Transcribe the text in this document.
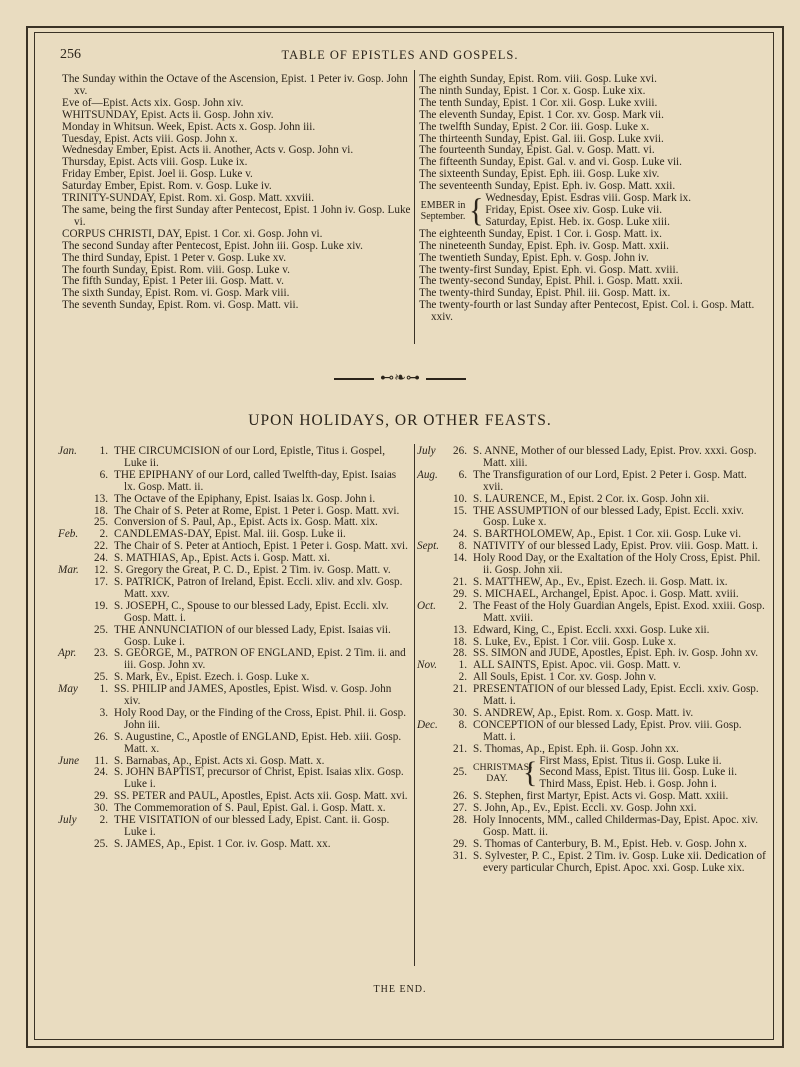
256	TABLE OF EPISTLES AND GOSPELS.

The Sunday within the Octave of the Ascension, Epist. 1 Peter iv. Gosp. John xv.

Eve of—Epist. Acts xix. Gosp. John xiv.

WHITSUNDAY, Epist. Acts ii. Gosp. John xiv.

Monday in Whitsun. Week, Epist. Acts x. Gosp. John iii.

Tuesday, Epist. Acts viii. Gosp. John x.

Wednesday Ember, Epist. Acts ii. Another, Acts v. Gosp. John vi.

Thursday, Epist. Acts viii. Gosp. Luke ix.

Friday Ember, Epist. Joel ii. Gosp. Luke v.

Saturday Ember, Epist. Rom. v. Gosp. Luke iv.

TRINITY-SUNDAY, Epist. Rom. xi. Gosp. Matt. xxviii.

The same, being the first Sunday after Pentecost, Epist. 1 John iv. Gosp. Luke vi.

CORPUS CHRISTI, DAY, Epist. 1 Cor. xi. Gosp. John vi.

The second Sunday after Pentecost, Epist. John iii. Gosp. Luke xiv.

The third Sunday, Epist. 1 Peter v. Gosp. Luke xv.

The fourth Sunday, Epist. Rom. viii. Gosp. Luke v.

The fifth Sunday, Epist. 1 Peter iii. Gosp. Matt. v.

The sixth Sunday, Epist. Rom. vi. Gosp. Mark viii.

The seventh Sunday, Epist. Rom. vi. Gosp. Matt. vii.

The eighth Sunday, Epist. Rom. viii. Gosp. Luke xvi.

The ninth Sunday, Epist. 1 Cor. x. Gosp. Luke xix.

The tenth Sunday, Epist. 1 Cor. xii. Gosp. Luke xviii.

The eleventh Sunday, Epist. 1 Cor. xv. Gosp. Mark vii.

The twelfth Sunday, Epist. 2 Cor. iii. Gosp. Luke x.

The thirteenth Sunday, Epist. Gal. iii. Gosp. Luke xvii.

The fourteenth Sunday, Epist. Gal. v. Gosp. Matt. vi.

The fifteenth Sunday, Epist. Gal. v. and vi. Gosp. Luke vii.

The sixteenth Sunday, Epist. Eph. iii. Gosp. Luke xiv.

The seventeenth Sunday, Epist. Eph. iv. Gosp. Matt. xxii.

EMBER in September. { Wednesday, Epist. Esdras viii. Gosp. Mark ix.

Friday, Epist. Osee xiv. Gosp. Luke vii.

Saturday, Epist. Heb. ix. Gosp. Luke xiii.

The eighteenth Sunday, Epist. 1 Cor. i. Gosp. Matt. ix.

The nineteenth Sunday, Epist. Eph. iv. Gosp. Matt. xxii.

The twentieth Sunday, Epist. Eph. v. Gosp. John iv.

The twenty-first Sunday, Epist. Eph. vi. Gosp. Matt. xviii.

The twenty-second Sunday, Epist. Phil. i. Gosp. Matt. xxii.

The twenty-third Sunday, Epist. Phil. iii. Gosp. Matt. ix.

The twenty-fourth or last Sunday after Pentecost, Epist. Col. i. Gosp. Matt. xxiv.

⊷❧⊶
UPON HOLIDAYS, OR OTHER FEASTS.
Jan.	1. THE CIRCUMCISION of our Lord, Epistle, Titus i. Gospel, Luke ii.
6. THE EPIPHANY of our Lord, called Twelfth-day, Epist. Isaias lx. Gosp. Matt. ii.
13. The Octave of the Epiphany, Epist. Isaias lx. Gosp. John i.
18. The Chair of S. Peter at Rome, Epist. 1 Peter i. Gosp. Matt. xvi.
25. Conversion of S. Paul, Ap., Epist. Acts ix. Gosp. Matt. xix.
Feb.	2. CANDLEMAS-DAY, Epist. Mal. iii. Gosp. Luke ii.
22. The Chair of S. Peter at Antioch, Epist. 1 Peter i. Gosp. Matt. xvi.
24. S. MATHIAS, Ap., Epist. Acts i. Gosp. Matt. xi.
Mar.	12. S. Gregory the Great, P. C. D., Epist. 2 Tim. iv. Gosp. Matt. v.
17. S. PATRICK, Patron of Ireland, Epist. Eccli. xliv. and xlv. Gosp. Matt. xxv.
19. S. JOSEPH, C., Spouse to our blessed Lady, Epist. Eccli. xlv. Gosp. Matt. i.
25. THE ANNUNCIATION of our blessed Lady, Epist. Isaias vii. Gosp. Luke i.
Apr.	23. S. GEORGE, M., PATRON OF ENGLAND, Epist. 2 Tim. ii. and iii. Gosp. John xv.
25. S. Mark, Ev., Epist. Ezech. i. Gosp. Luke x.
May	1. SS. PHILIP and JAMES, Apostles, Epist. Wisd. v. Gosp. John xiv.
3. Holy Rood Day, or the Finding of the Cross, Epist. Phil. ii. Gosp. John iii.
26. S. Augustine, C., Apostle of ENGLAND, Epist. Heb. xiii. Gosp. Matt. x.
June	11. S. Barnabas, Ap., Epist. Acts xi. Gosp. Matt. x.
24. S. JOHN BAPTIST, precursor of Christ, Epist. Isaias xlix. Gosp. Luke i.
29. SS. PETER and PAUL, Apostles, Epist. Acts xii. Gosp. Matt. xvi.
30. The Commemoration of S. Paul, Epist. Gal. i. Gosp. Matt. x.
July	2. THE VISITATION of our blessed Lady, Epist. Cant. ii. Gosp. Luke i.
25. S. JAMES, Ap., Epist. 1 Cor. iv. Gosp. Matt. xx.
July	26. S. ANNE, Mother of our blessed Lady, Epist. Prov. xxxi. Gosp. Matt. xiii.
Aug.	6. The Transfiguration of our Lord, Epist. 2 Peter i. Gosp. Matt. xvii.
10. S. LAURENCE, M., Epist. 2 Cor. ix. Gosp. John xii.
15. THE ASSUMPTION of our blessed Lady, Epist. Eccli. xxiv. Gosp. Luke x.
24. S. BARTHOLOMEW, Ap., Epist. 1 Cor. xii. Gosp. Luke vi.
Sept.	8. NATIVITY of our blessed Lady, Epist. Prov. viii. Gosp. Matt. i.
14. Holy Rood Day, or the Exaltation of the Holy Cross, Epist. Phil. ii. Gosp. John xii.
21. S. MATTHEW, Ap., Ev., Epist. Ezech. ii. Gosp. Matt. ix.
29. S. MICHAEL, Archangel, Epist. Apoc. i. Gosp. Matt. xviii.
Oct.	2. The Feast of the Holy Guardian Angels, Epist. Exod. xxiii. Gosp. Matt. xviii.
13. Edward, King, C., Epist. Eccli. xxxi. Gosp. Luke xii.
18. S. Luke, Ev., Epist. 1 Cor. viii. Gosp. Luke x.
28. SS. SIMON and JUDE, Apostles, Epist. Eph. iv. Gosp. John xv.
Nov.	1. ALL SAINTS, Epist. Apoc. vii. Gosp. Matt. v.
2. All Souls, Epist. 1 Cor. xv. Gosp. John v.
21. PRESENTATION of our blessed Lady, Epist. Eccli. xxiv. Gosp. Matt. i.
30. S. ANDREW, Ap., Epist. Rom. x. Gosp. Matt. iv.
Dec.	8. CONCEPTION of our blessed Lady, Epist. Prov. viii. Gosp. Matt. i.
21. S. Thomas, Ap., Epist. Eph. ii. Gosp. John xx.
25. CHRISTMAS-DAY. { First Mass, Epist. Titus ii. Gosp. Luke ii.

Second Mass, Epist. Titus iii. Gosp. Luke ii.

Third Mass, Epist. Heb. i. Gosp. John i.

26. S. Stephen, first Martyr, Epist. Acts vi. Gosp. Matt. xxiii.
27. S. John, Ap., Ev., Epist. Eccli. xv. Gosp. John xxi.
28. Holy Innocents, MM., called Childermas-Day, Epist. Apoc. xiv. Gosp. Matt. ii.
29. S. Thomas of Canterbury, B. M., Epist. Heb. v. Gosp. John x.
31. S. Sylvester, P. C., Epist. 2 Tim. iv. Gosp. Luke xii. Dedication of every particular Church, Epist. Apoc. xxi. Gosp. Luke xix.
THE END.
